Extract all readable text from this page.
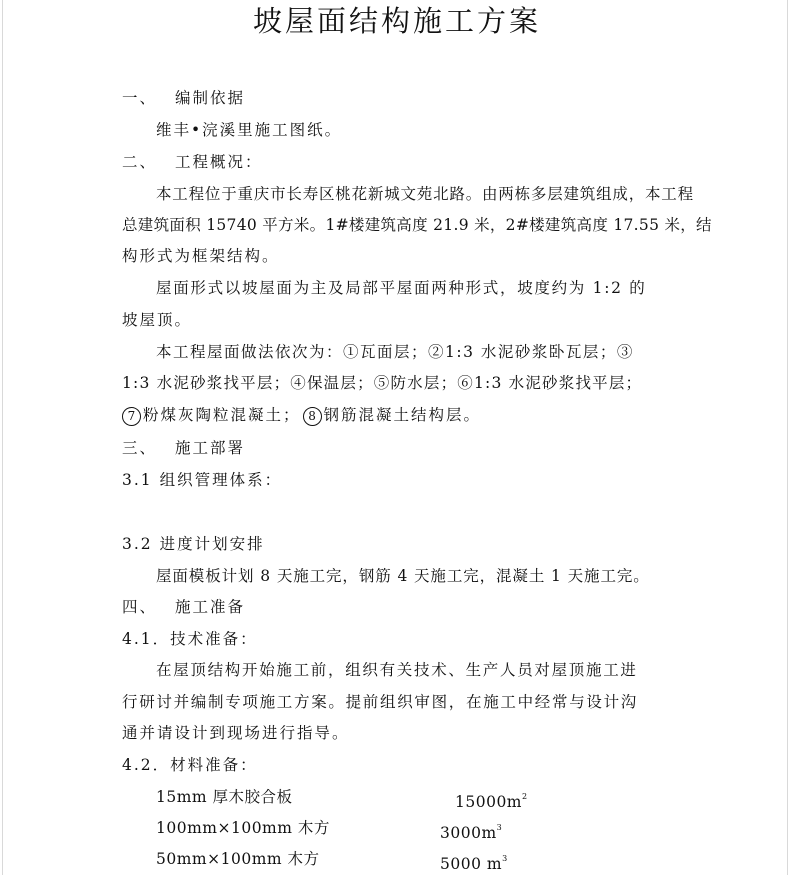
坡屋面结构施工方案
一、 编制依据
维丰•浣溪里施工图纸。
二、 工程概况：
本工程位于重庆市长寿区桃花新城文苑北路。由两栋多层建筑组成，本工程
总建筑面积 15740 平方米。1#楼建筑高度 21.9 米，2#楼建筑高度 17.55 米，结
构形式为框架结构。
屋面形式以坡屋面为主及局部平屋面两种形式，坡度约为 1:2 的
坡屋顶。
本工程屋面做法依次为：①瓦面层；②1:3 水泥砂浆卧瓦层；③
1:3 水泥砂浆找平层；④保温层；⑤防水层；⑥1:3 水泥砂浆找平层；
7 粉煤灰陶粒混凝土； 8 钢筋混凝土结构层。
三、 施工部署
3.1 组织管理体系：
3.2 进度计划安排
屋面模板计划 8 天施工完，钢筋 4 天施工完，混凝土 1 天施工完。
四、 施工准备
4.1．技术准备：
在屋顶结构开始施工前，组织有关技术、生产人员对屋顶施工进
行研讨并编制专项施工方案。提前组织审图，在施工中经常与设计沟
通并请设计到现场进行指导。
4.2．材料准备：
15mm 厚木胶合板	$15000m^2$
100mm×100mm 木方	$3000m^3$
50mm×100mm 木方	5000 $m^3$
